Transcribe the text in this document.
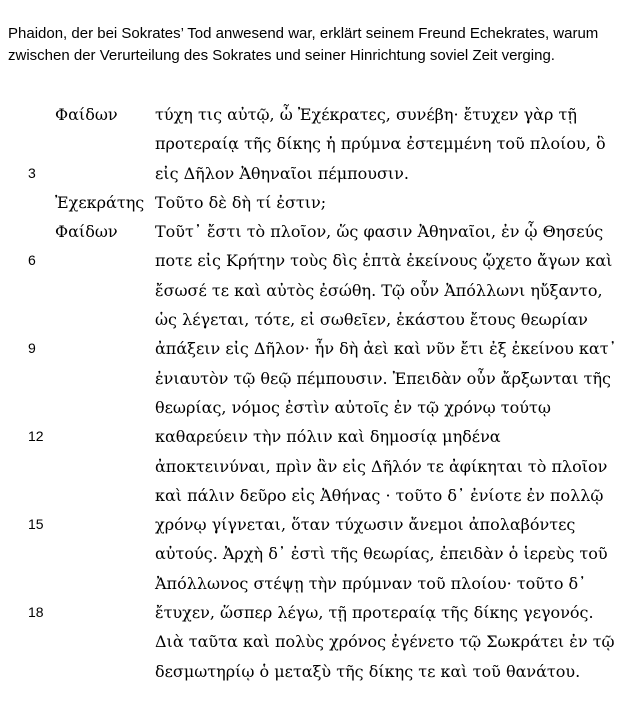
Phaidon, der bei Sokrates’ Tod anwesend war, erklärt seinem Freund Echekrates, warum zwischen der Verurteilung des Sokrates und seiner Hinrichtung soviel Zeit verging.

Φαίδων	τύχη τις αὐτῷ, ὦ Ἐχέκρατες, συνέβη· ἔτυχεν γὰρ τῇ
προτεραίᾳ τῆς δίκης ἡ πρύμνα ἐστεμμένη τοῦ πλοίου, ὃ
3	εἰς Δῆλον Ἀθηναῖοι πέμπουσιν.
Ἐχεκράτης Τοῦτο δὲ δὴ τί ἐστιν;
Φαίδων	Τοῦτ᾽ ἔστι τὸ πλοῖον, ὥς φασιν Ἀθηναῖοι, ἐν ᾧ Θησεύς
6	ποτε εἰς Κρήτην τοὺς δὶς ἑπτὰ ἐκείνους ᾤχετο ἄγων καὶ
ἔσωσέ τε καὶ αὐτὸς ἐσώθη. Τῷ οὖν Ἀπόλλωνι ηὔξαντο,
ὡς λέγεται, τότε, εἰ σωθεῖεν, ἑκάστου ἔτους θεωρίαν
9	ἀπάξειν εἰς Δῆλον· ἦν δὴ ἀεὶ καὶ νῦν ἔτι ἐξ ἐκείνου κατ᾽
ἐνιαυτὸν τῷ θεῷ πέμπουσιν. Ἐπειδὰν οὖν ἄρξωνται τῆς
θεωρίας, νόμος ἐστὶν αὐτοῖς ἐν τῷ χρόνῳ τούτῳ
12	καθαρεύειν τὴν πόλιν καὶ δημοσίᾳ μηδένα
ἀποκτεινύναι, πρὶν ἂν εἰς Δῆλόν τε ἀφίκηται τὸ πλοῖον
καὶ πάλιν δεῦρο εἰς Ἀθήνας · τοῦτο δ᾽ ἐνίοτε ἐν πολλῷ
15	χρόνῳ γίγνεται, ὅταν τύχωσιν ἄνεμοι ἀπολαβόντες
αὐτούς. Ἀρχὴ δ᾽ ἐστὶ τῆς θεωρίας, ἐπειδὰν ὁ ἱερεὺς τοῦ
Ἀπόλλωνος στέψῃ τὴν πρύμναν τοῦ πλοίου· τοῦτο δ᾽
18	ἔτυχεν, ὥσπερ λέγω, τῇ προτεραίᾳ τῆς δίκης γεγονός.
Διὰ ταῦτα καὶ πολὺς χρόνος ἐγένετο τῷ Σωκράτει ἐν τῷ
δεσμωτηρίῳ ὁ μεταξὺ τῆς δίκης τε καὶ τοῦ θανάτου.
